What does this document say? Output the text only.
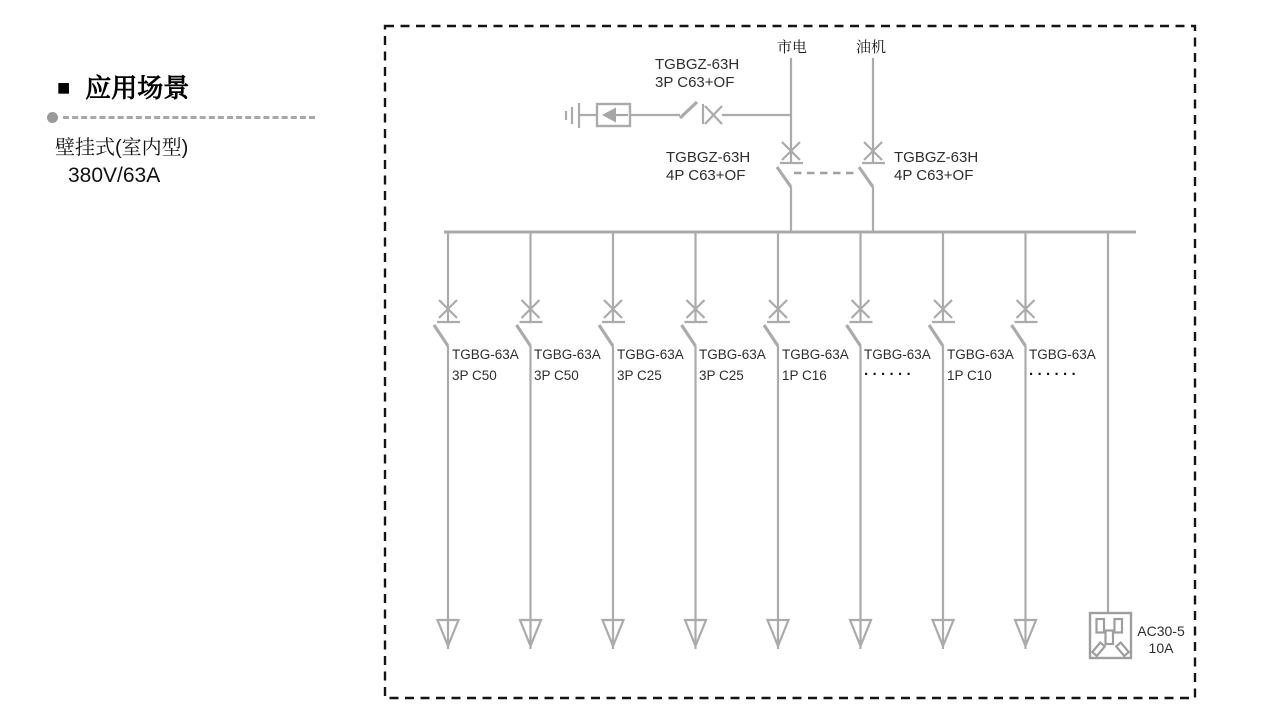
■ 应用场景
壁挂式(室内型)
380V/63A
市电	油机
TGBGZ-63H
3P C63+OF
TGBGZ-63H
4P C63+OF
TGBGZ-63H
4P C63+OF
TGBG-63A
3P C50
TGBG-63A
3P C50
TGBG-63A
3P C25
TGBG-63A
3P C25
TGBG-63A
1P C16
TGBG-63A
······
TGBG-63A
1P C10
TGBG-63A
······
AC30-5
10A
